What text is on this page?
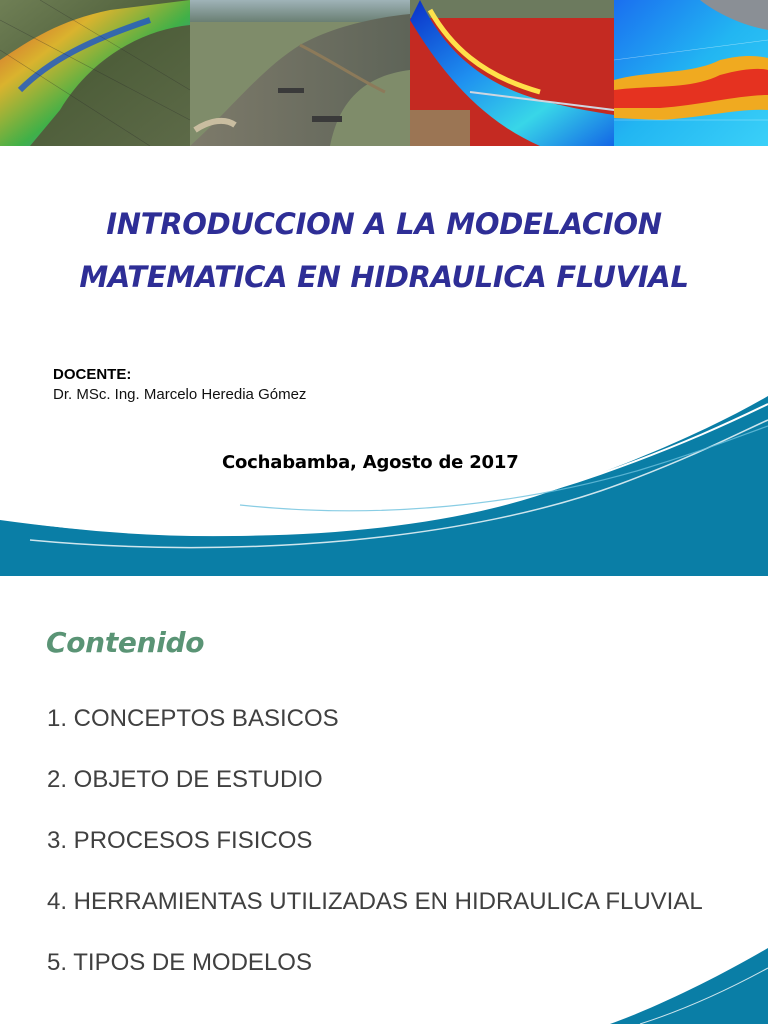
INTRODUCCION A LA MODELACION
MATEMATICA EN HIDRAULICA FLUVIAL
DOCENTE:
Dr. MSc. Ing. Marcelo Heredia Gómez
Cochabamba, Agosto de 2017
Contenido
1. CONCEPTOS BASICOS
2. OBJETO DE ESTUDIO
3. PROCESOS FISICOS
4. HERRAMIENTAS UTILIZADAS EN HIDRAULICA FLUVIAL
5. TIPOS DE MODELOS
